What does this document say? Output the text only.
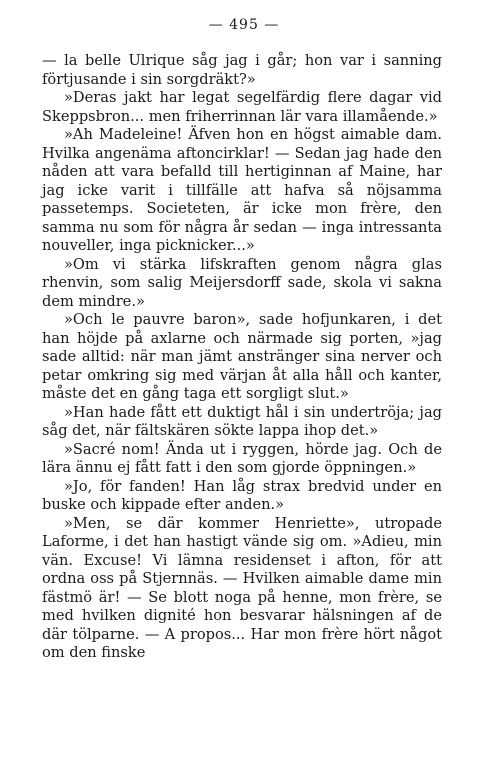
— 495 —

— la belle Ulrique såg jag i går; hon var i sanning förtjusande i sin sorgdräkt?»

»Deras jakt har legat segelfärdig flere dagar vid Skeppsbron... men friherrinnan lär vara illamående.»

»Ah Madeleine! Äfven hon en högst aimable dam. Hvilka angenäma aftoncirklar! — Sedan jag hade den nåden att vara befalld till hertiginnan af Maine, har jag icke varit i tillfälle att hafva så nöjsamma passetemps. Societeten, är icke mon frère, den samma nu som för några år sedan — inga intressanta nouveller, inga picknicker...»

»Om vi stärka lifskraften genom några glas rhenvin, som salig Meijersdorff sade, skola vi sakna dem mindre.»

»Och le pauvre baron», sade hofjunkaren, i det han höjde på axlarne och närmade sig porten, »jag sade alltid: när man jämt anstränger sina nerver och petar omkring sig med värjan åt alla håll och kanter, måste det en gång taga ett sorgligt slut.»

»Han hade fått ett duktigt hål i sin undertröja; jag såg det, när fältskären sökte lappa ihop det.»

»Sacré nom! Ända ut i ryggen, hörde jag. Och de lära ännu ej fått fatt i den som gjorde öppningen.»

»Jo, för fanden! Han låg strax bredvid under en buske och kippade efter anden.»

»Men, se där kommer Henriette», utropade Laforme, i det han hastigt vände sig om. »Adieu, min vän. Excuse! Vi lämna residenset i afton, för att ordna oss på Stjernnäs. — Hvilken aimable dame min fästmö är! — Se blott noga på henne, mon frère, se med hvilken dignité hon besvarar hälsningen af de där tölparne. — A propos... Har mon frère hört något om den finske
